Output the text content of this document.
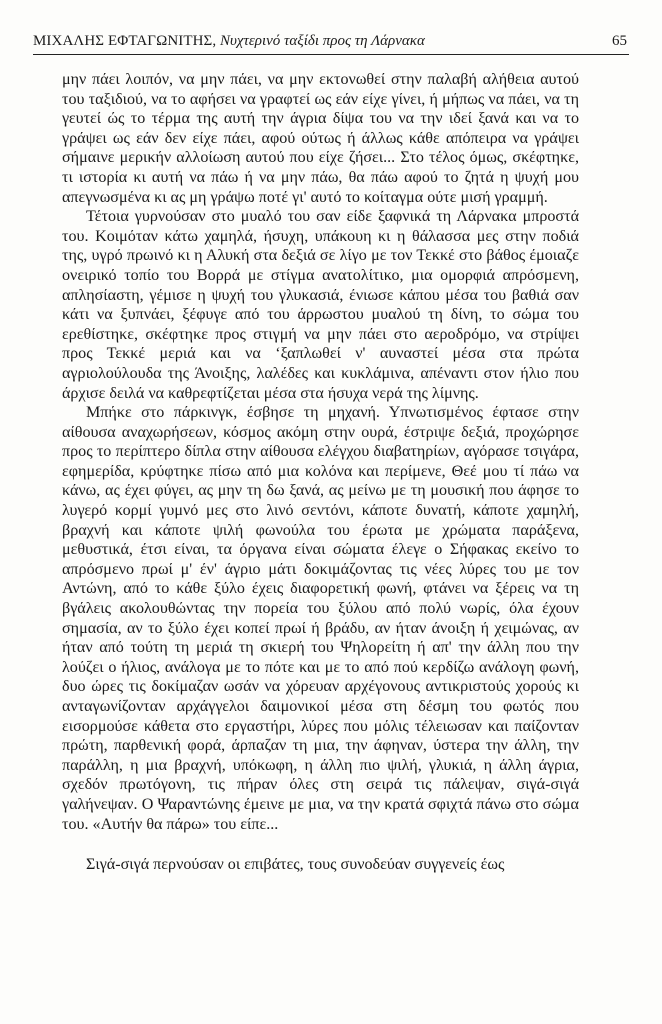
ΜΙΧΑΛΗΣ ΕΦΤΑΓΩΝΙΤΗΣ, Νυχτερινό ταξίδι προς τη Λάρνακα	65

μην πάει λοιπόν, να μην πάει, να μην εκτονωθεί στην παλαβή αλήθεια αυτού του ταξιδιού, να το αφήσει να γραφτεί ως εάν είχε γίνει, ή μήπως να πάει, να τη γευτεί ώς το τέρμα της αυτή την άγρια δίψα του να την ιδεί ξανά και να το γράψει ως εάν δεν είχε πάει, αφού ούτως ή άλλως κάθε απόπειρα να γράψει σήμαινε μερικήν αλλοίωση αυτού που είχε ζήσει... Στο τέλος όμως, σκέφτηκε, τι ιστορία κι αυτή να πάω ή να μην πάω, θα πάω αφού το ζητά η ψυχή μου απεγνωσμένα κι ας μη γράψω ποτέ γι' αυτό το κοίταγμα ούτε μισή γραμμή.

Τέτοια γυρνούσαν στο μυαλό του σαν είδε ξαφνικά τη Λάρνακα μπροστά του. Κοιμόταν κάτω χαμηλά, ήσυχη, υπάκουη κι η θάλασσα μες στην ποδιά της, υγρό πρωινό κι η Αλυκή στα δεξιά σε λίγο με τον Τεκκέ στο βάθος έμοιαζε ονειρικό τοπίο του Βορρά με στίγμα ανατολίτικο, μια ομορφιά απρόσμενη, απλησίαστη, γέμισε η ψυχή του γλυκασιά, ένιωσε κάπου μέσα του βαθιά σαν κάτι να ξυπνάει, ξέφυγε από του άρρωστου μυαλού τη δίνη, το σώμα του ερεθίστηκε, σκέφτηκε προς στιγμή να μην πάει στο αεροδρόμο, να στρίψει προς Τεκκέ μεριά και να ‘ξαπλωθεί ν' αυναστεί μέσα στα πρώτα αγριολούλουδα της Άνοιξης, λαλέδες και κυκλάμινα, απέναντι στον ήλιο που άρχισε δειλά να καθρεφτίζεται μέσα στα ήσυχα νερά της λίμνης.

Μπήκε στο πάρκινγκ, έσβησε τη μηχανή. Υπνωτισμένος έφτασε στην αίθουσα αναχωρήσεων, κόσμος ακόμη στην ουρά, έστριψε δεξιά, προχώρησε προς το περίπτερο δίπλα στην αίθουσα ελέγχου διαβατηρίων, αγόρασε τσιγάρα, εφημερίδα, κρύφτηκε πίσω από μια κολόνα και περίμενε, Θεέ μου τί πάω να κάνω, ας έχει φύγει, ας μην τη δω ξανά, ας μείνω με τη μουσική που άφησε το λυγερό κορμί γυμνό μες στο λινό σεντόνι, κάποτε δυνατή, κάποτε χαμηλή, βραχνή και κάποτε ψιλή φωνούλα του έρωτα με χρώματα παράξενα, μεθυστικά, έτσι είναι, τα όργανα είναι σώματα έλεγε ο Σήφακας εκείνο το απρόσμενο πρωί μ' έν' άγριο μάτι δοκιμάζοντας τις νέες λύρες του με τον Αντώνη, από το κάθε ξύλο έχεις διαφορετική φωνή, φτάνει να ξέρεις να τη βγάλεις ακολουθώντας την πορεία του ξύλου από πολύ νωρίς, όλα έχουν σημασία, αν το ξύλο έχει κοπεί πρωί ή βράδυ, αν ήταν άνοιξη ή χειμώνας, αν ήταν από τούτη τη μεριά τη σκιερή του Ψηλορείτη ή απ' την άλλη που την λούζει ο ήλιος, ανάλογα με το πότε και με το από πού κερδίζω ανάλογη φωνή, δυο ώρες τις δοκίμαζαν ωσάν να χόρευαν αρχέγονους αντικριστούς χορούς κι ανταγωνίζονταν αρχάγγελοι δαιμονικοί μέσα στη δέσμη του φωτός που εισορμούσε κάθετα στο εργαστήρι, λύρες που μόλις τέλειωσαν και παίζονταν πρώτη, παρθενική φορά, άρπαζαν τη μια, την άφηναν, ύστερα την άλλη, την παράλλη, η μια βραχνή, υπόκωφη, η άλλη πιο ψιλή, γλυκιά, η άλλη άγρια, σχεδόν πρωτόγονη, τις πήραν όλες στη σειρά τις πάλεψαν, σιγά-σιγά γαλήνεψαν. Ο Ψαραντώνης έμεινε με μια, να την κρατά σφιχτά πάνω στο σώμα του. «Αυτήν θα πάρω» του είπε...

Σιγά-σιγά περνούσαν οι επιβάτες, τους συνοδεύαν συγγενείς έως
